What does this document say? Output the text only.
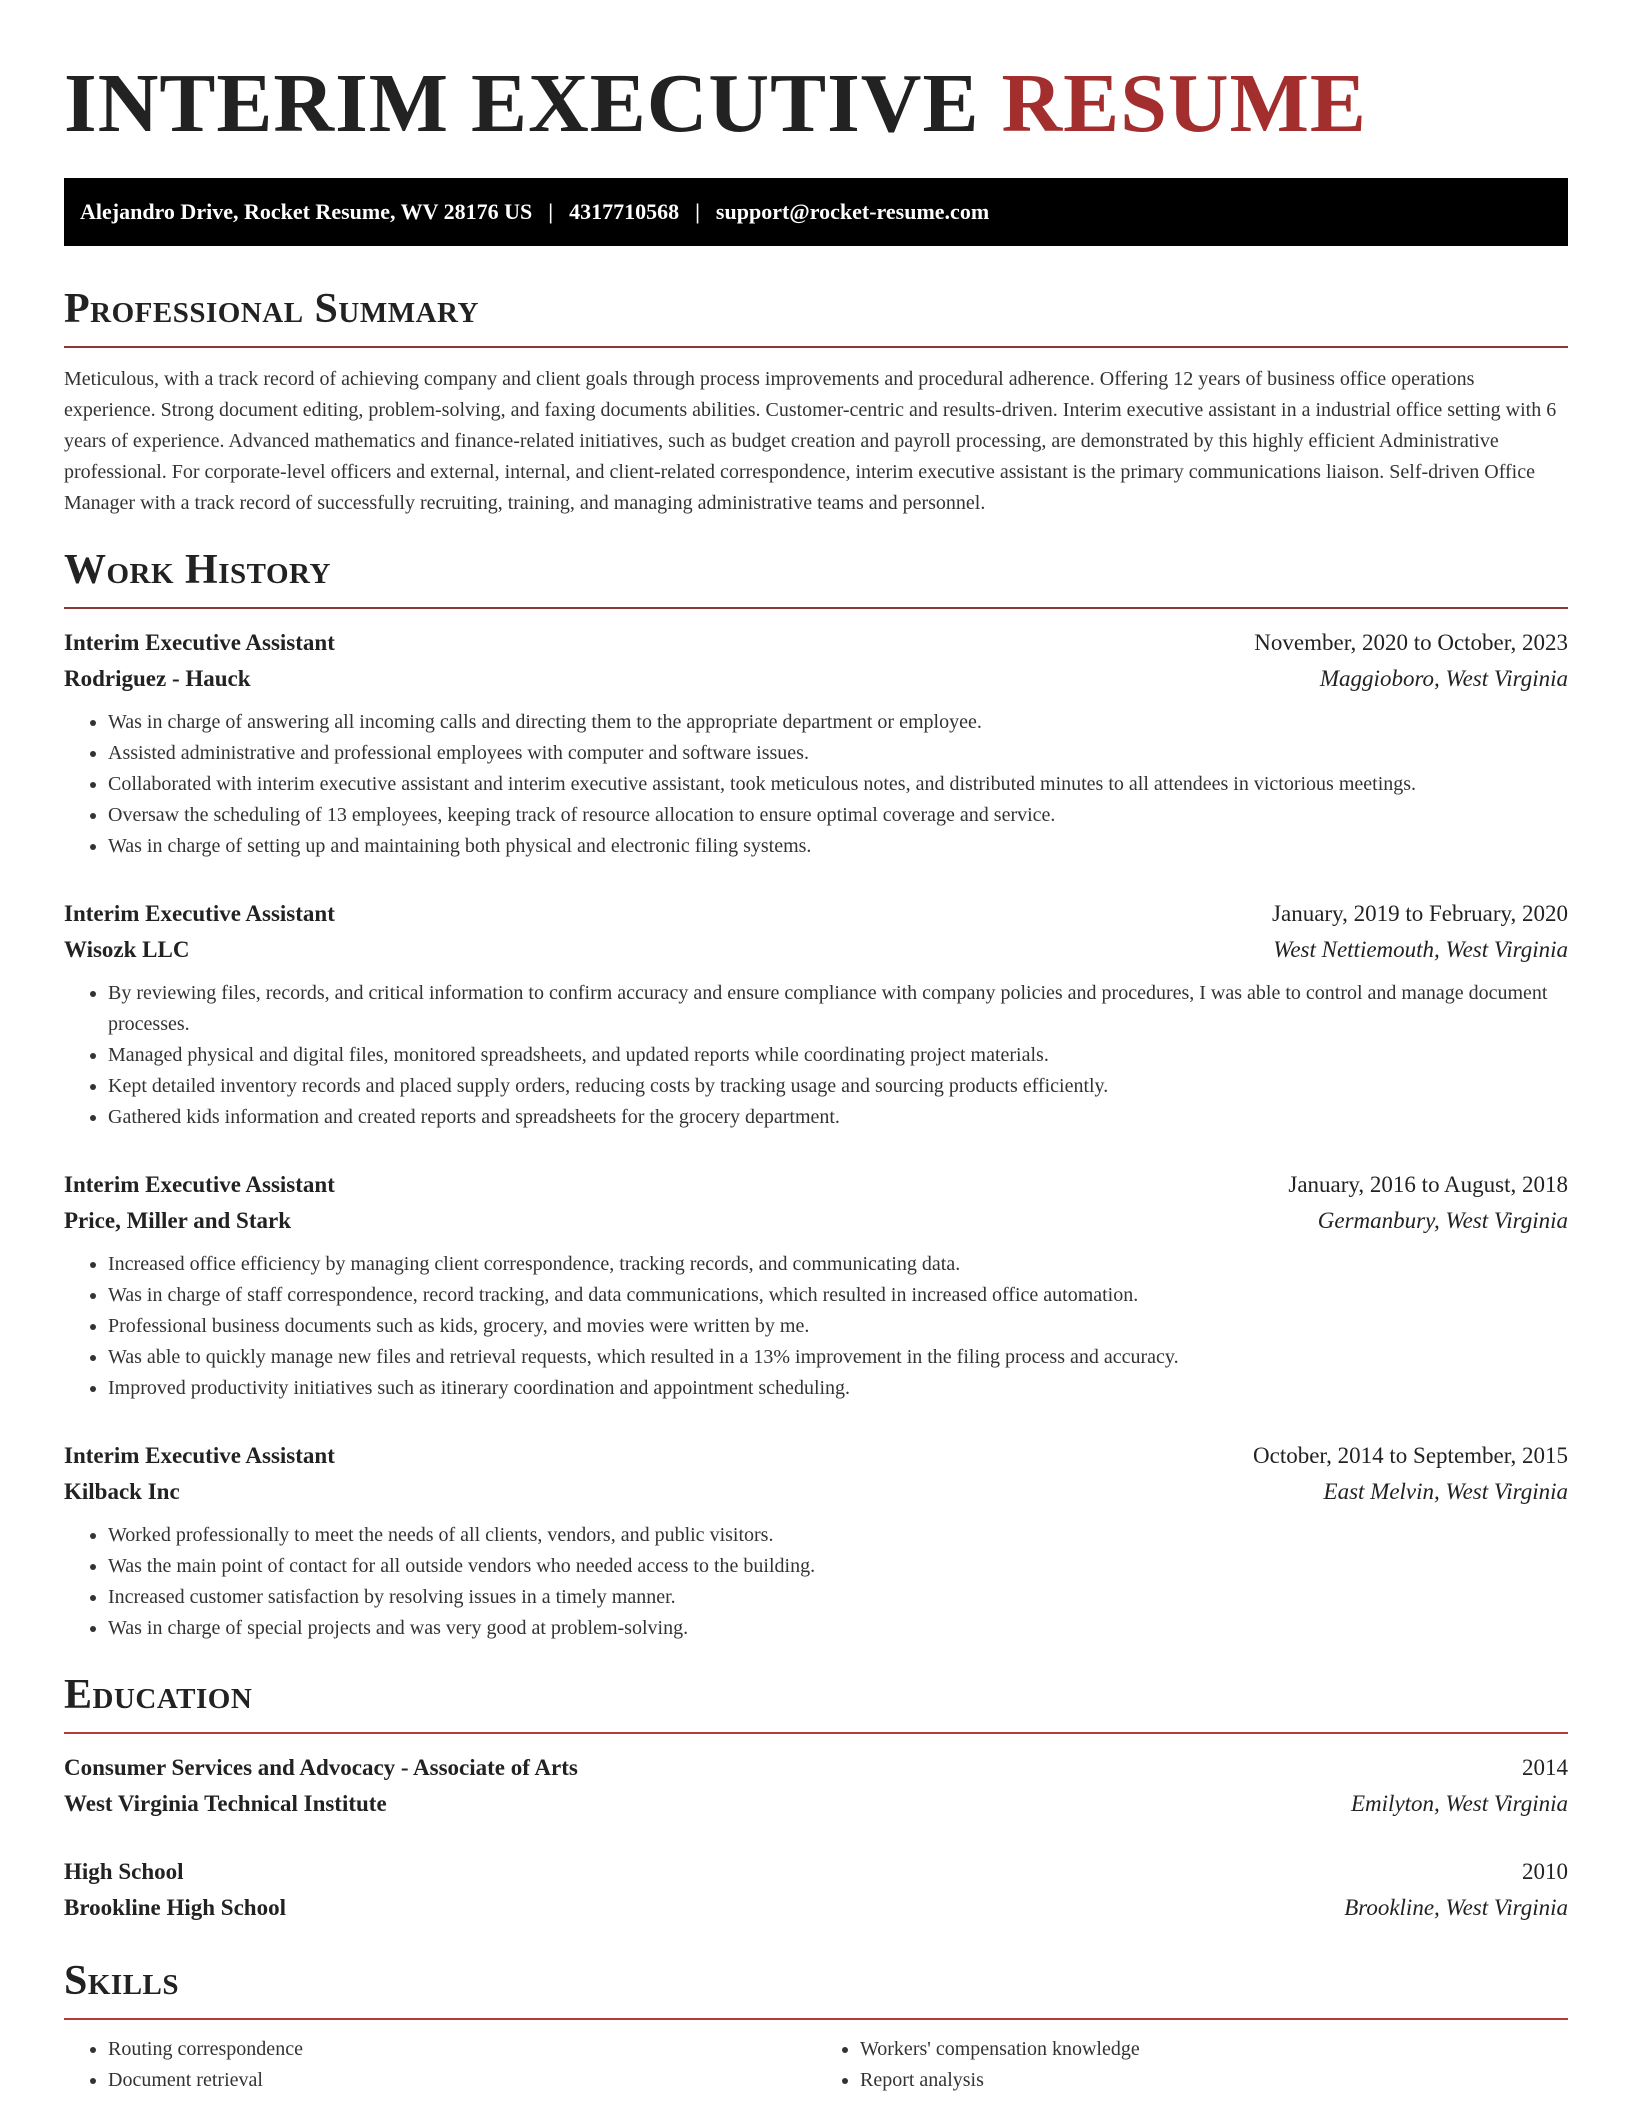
INTERIM EXECUTIVE RESUME
Alejandro Drive, Rocket Resume, WV 28176 US | 4317710568 | support@rocket-resume.com
Professional Summary

Meticulous, with a track record of achieving company and client goals through process improvements and procedural adherence. Offering 12 years of business office operations experience. Strong document editing, problem-solving, and faxing documents abilities. Customer-centric and results-driven. Interim executive assistant in a industrial office setting with 6 years of experience. Advanced mathematics and finance-related initiatives, such as budget creation and payroll processing, are demonstrated by this highly efficient Administrative professional. For corporate-level officers and external, internal, and client-related correspondence, interim executive assistant is the primary communications liaison. Self-driven Office Manager with a track record of successfully recruiting, training, and managing administrative teams and personnel.

Work History
Interim Executive Assistant	November, 2020 to October, 2023
Rodriguez - Hauck	Maggioboro, West Virginia
• Was in charge of answering all incoming calls and directing them to the appropriate department or employee.
• Assisted administrative and professional employees with computer and software issues.
• Collaborated with interim executive assistant and interim executive assistant, took meticulous notes, and distributed minutes to all attendees in victorious meetings.
• Oversaw the scheduling of 13 employees, keeping track of resource allocation to ensure optimal coverage and service.
• Was in charge of setting up and maintaining both physical and electronic filing systems.
Interim Executive Assistant	January, 2019 to February, 2020
Wisozk LLC	West Nettiemouth, West Virginia
• By reviewing files, records, and critical information to confirm accuracy and ensure compliance with company policies and procedures, I was able to control and manage document processes.
• Managed physical and digital files, monitored spreadsheets, and updated reports while coordinating project materials.
• Kept detailed inventory records and placed supply orders, reducing costs by tracking usage and sourcing products efficiently.
• Gathered kids information and created reports and spreadsheets for the grocery department.
Interim Executive Assistant	January, 2016 to August, 2018
Price, Miller and Stark	Germanbury, West Virginia
• Increased office efficiency by managing client correspondence, tracking records, and communicating data.
• Was in charge of staff correspondence, record tracking, and data communications, which resulted in increased office automation.
• Professional business documents such as kids, grocery, and movies were written by me.
• Was able to quickly manage new files and retrieval requests, which resulted in a 13% improvement in the filing process and accuracy.
• Improved productivity initiatives such as itinerary coordination and appointment scheduling.
Interim Executive Assistant	October, 2014 to September, 2015
Kilback Inc	East Melvin, West Virginia
• Worked professionally to meet the needs of all clients, vendors, and public visitors.
• Was the main point of contact for all outside vendors who needed access to the building.
• Increased customer satisfaction by resolving issues in a timely manner.
• Was in charge of special projects and was very good at problem-solving.
Education
Consumer Services and Advocacy - Associate of Arts	2014
West Virginia Technical Institute	Emilyton, West Virginia
High School	2010
Brookline High School	Brookline, West Virginia
Skills
• Routing correspondence
• Document retrieval
• Workers' compensation knowledge
• Report analysis
